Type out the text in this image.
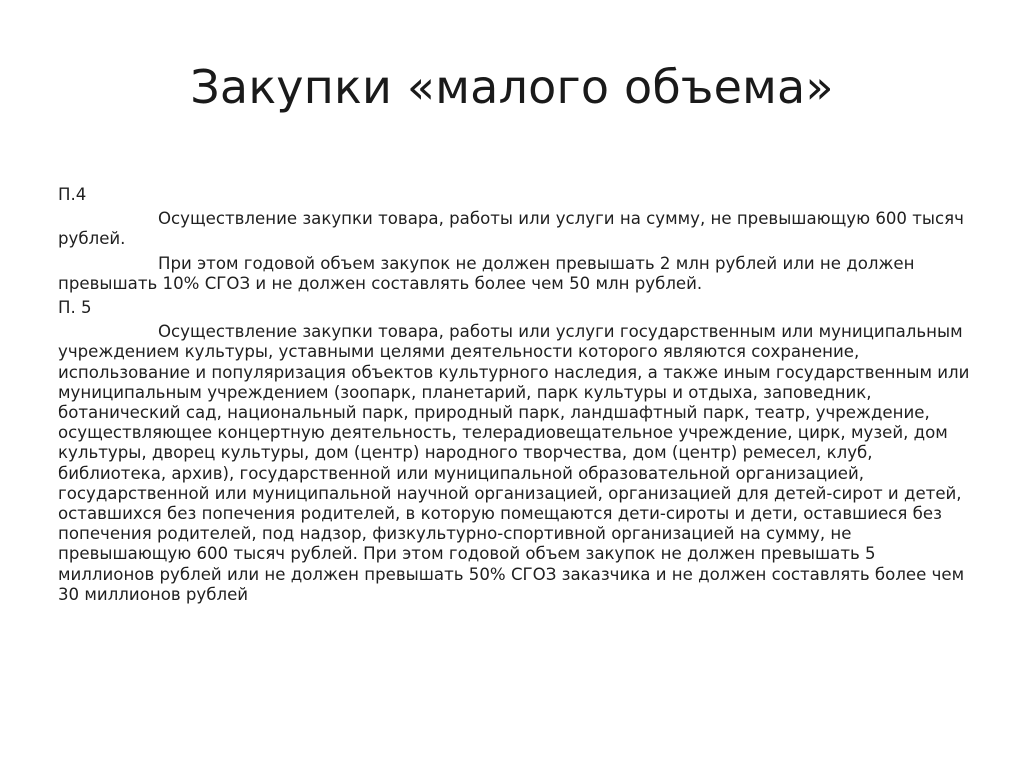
Закупки «малого объема»
П.4

Осуществление закупки товара, работы или услуги на сумму, не превышающую 600 тысяч рублей.

При этом годовой объем закупок не должен превышать 2 млн рублей или не должен превышать 10% СГОЗ и не должен составлять более чем 50 млн рублей.

П. 5

Осуществление закупки товара, работы или услуги государственным или муниципальным учреждением культуры, уставными целями деятельности которого являются сохранение, использование и популяризация объектов культурного наследия, а также иным государственным или муниципальным учреждением (зоопарк, планетарий, парк культуры и отдыха, заповедник, ботанический сад, национальный парк, природный парк, ландшафтный парк, театр, учреждение, осуществляющее концертную деятельность, телерадиовещательное учреждение, цирк, музей, дом культуры, дворец культуры, дом (центр) народного творчества, дом (центр) ремесел, клуб, библиотека, архив), государственной или муниципальной образовательной организацией, государственной или муниципальной научной организацией, организацией для детей-сирот и детей, оставшихся без попечения родителей, в которую помещаются дети-сироты и дети, оставшиеся без попечения родителей, под надзор, физкультурно-спортивной организацией на сумму, не превышающую 600 тысяч рублей. При этом годовой объем закупок не должен превышать 5 миллионов рублей или не должен превышать 50% СГОЗ заказчика и не должен составлять более чем 30 миллионов рублей
